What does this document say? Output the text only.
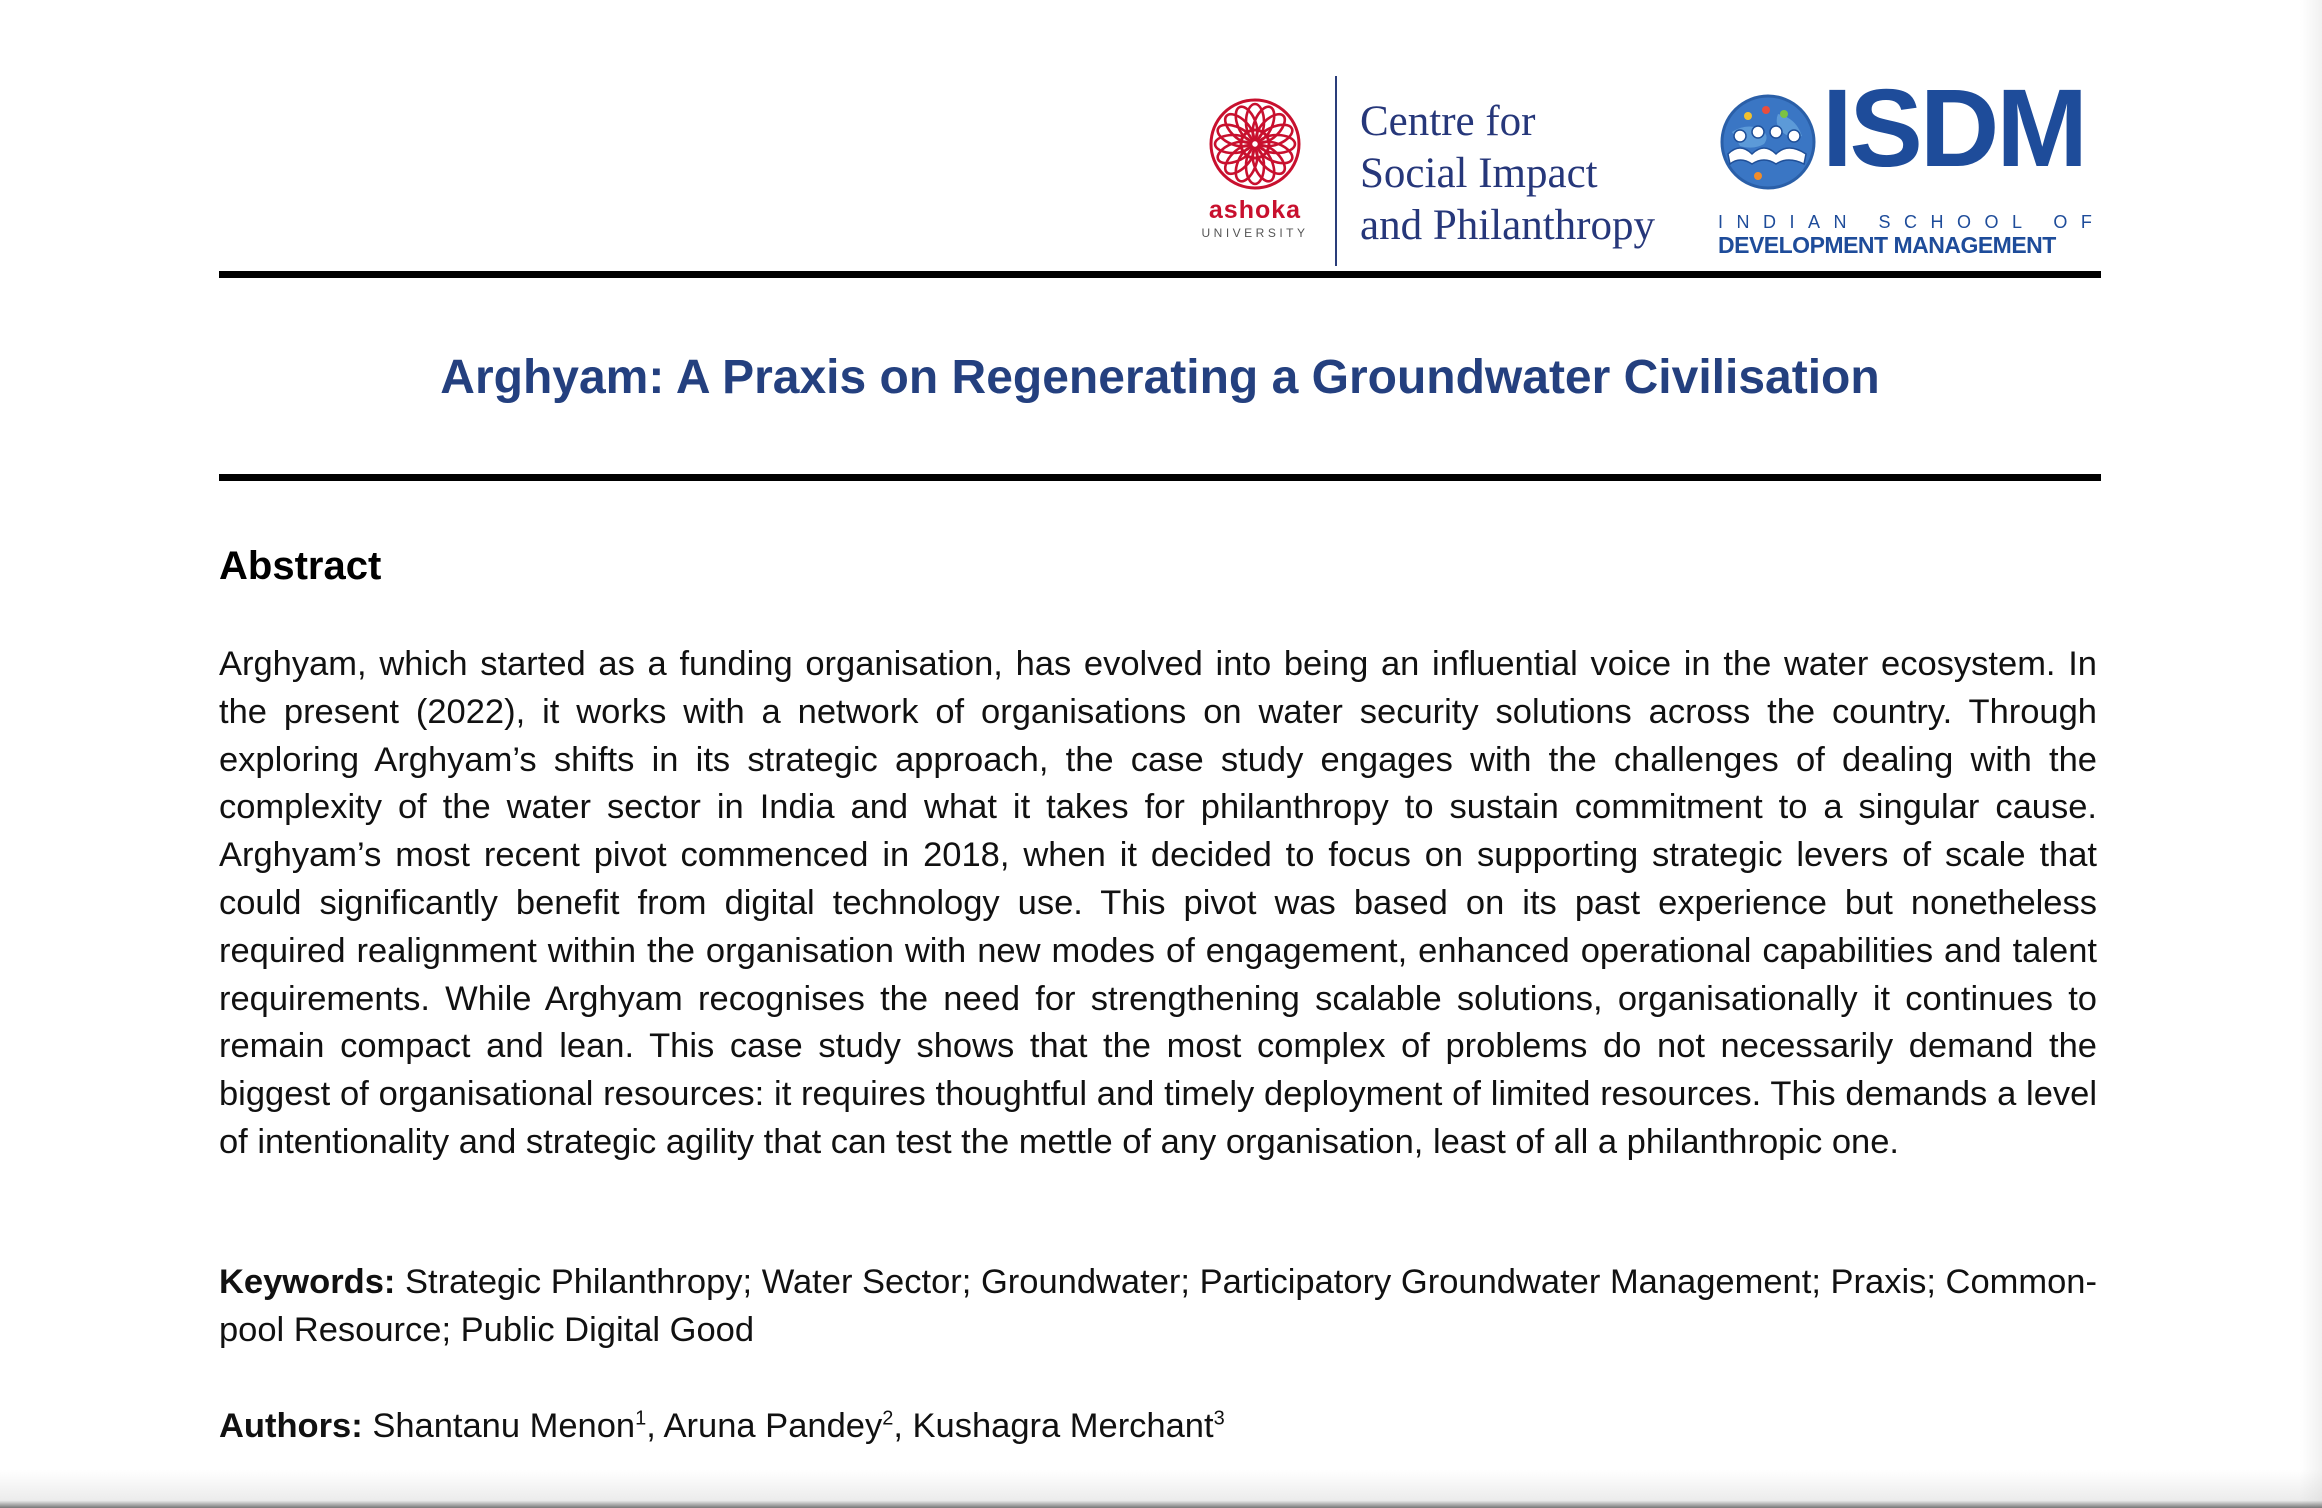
ashoka
UNIVERSITY
Centre for
Social Impact
and Philanthropy
ISDM
INDIAN SCHOOL OF
DEVELOPMENT MANAGEMENT
Arghyam: A Praxis on Regenerating a Groundwater Civilisation
Abstract
Arghyam, which started as a funding organisation, has evolved into being an influential voice in the water ecosystem. In the present (2022), it works with a network of organisations on water security solutions across the country. Through exploring Arghyam’s shifts in its strategic approach, the case study engages with the challenges of dealing with the complexity of the water sector in India and what it takes for philanthropy to sustain commitment to a singular cause. Arghyam’s most recent pivot commenced in 2018, when it decided to focus on supporting strategic levers of scale that could significantly benefit from digital technology use. This pivot was based on its past experience but nonetheless required realignment within the organisation with new modes of engagement, enhanced operational capabilities and talent requirements. While Arghyam recognises the need for strengthening scalable solutions, organisationally it continues to remain compact and lean. This case study shows that the most complex of problems do not necessarily demand the biggest of organisational resources: it requires thoughtful and timely deployment of limited resources. This demands a level of intentionality and strategic agility that can test the mettle of any organisation, least of all a philanthropic one.
Keywords: Strategic Philanthropy; Water Sector; Groundwater; Participatory Groundwater Management; Praxis; Common-pool Resource; Public Digital Good
Authors: Shantanu Menon$^1$, Aruna Pandey$^2$, Kushagra Merchant$^3$
